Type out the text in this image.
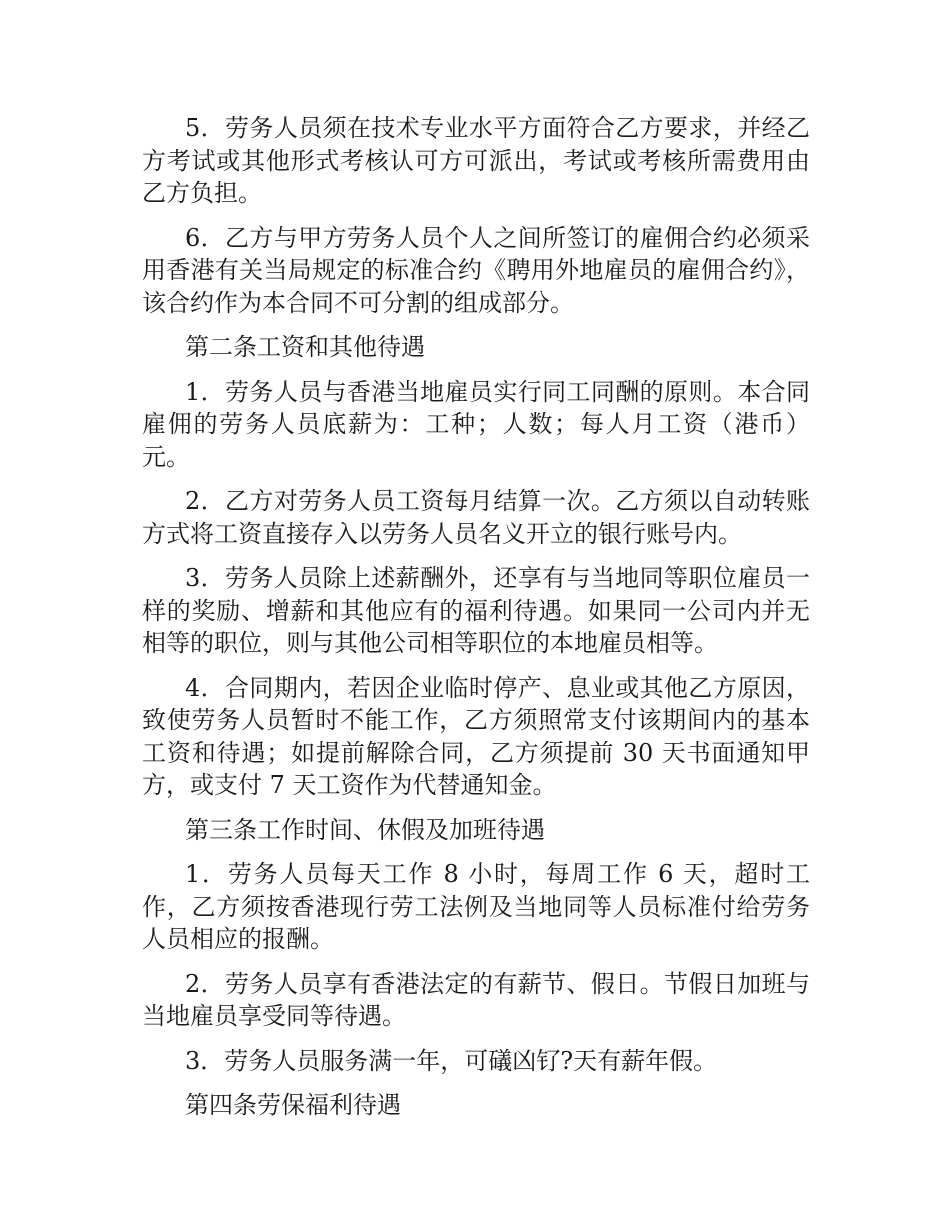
5．劳务人员须在技术专业水平方面符合乙方要求，并经乙方考试或其他形式考核认可方可派出，考试或考核所需费用由乙方负担。

6．乙方与甲方劳务人员个人之间所签订的雇佣合约必须采用香港有关当局规定的标准合约《聘用外地雇员的雇佣合约》，该合约作为本合同不可分割的组成部分。

第二条工资和其他待遇

1．劳务人员与香港当地雇员实行同工同酬的原则。本合同雇佣的劳务人员底薪为：工种；人数；每人月工资（港币）元。

2．乙方对劳务人员工资每月结算一次。乙方须以自动转账方式将工资直接存入以劳务人员名义开立的银行账号内。

3．劳务人员除上述薪酬外，还享有与当地同等职位雇员一样的奖励、增薪和其他应有的福利待遇。如果同一公司内并无相等的职位，则与其他公司相等职位的本地雇员相等。

4．合同期内，若因企业临时停产、息业或其他乙方原因，致使劳务人员暂时不能工作，乙方须照常支付该期间内的基本工资和待遇；如提前解除合同，乙方须提前 30 天书面通知甲方，或支付 7 天工资作为代替通知金。

第三条工作时间、休假及加班待遇

1．劳务人员每天工作 8 小时，每周工作 6 天，超时工作，乙方须按香港现行劳工法例及当地同等人员标准付给劳务人员相应的报酬。

2．劳务人员享有香港法定的有薪节、假日。节假日加班与当地雇员享受同等待遇。

3．劳务人员服务满一年，可礒凶钌?天有薪年假。

第四条劳保福利待遇
